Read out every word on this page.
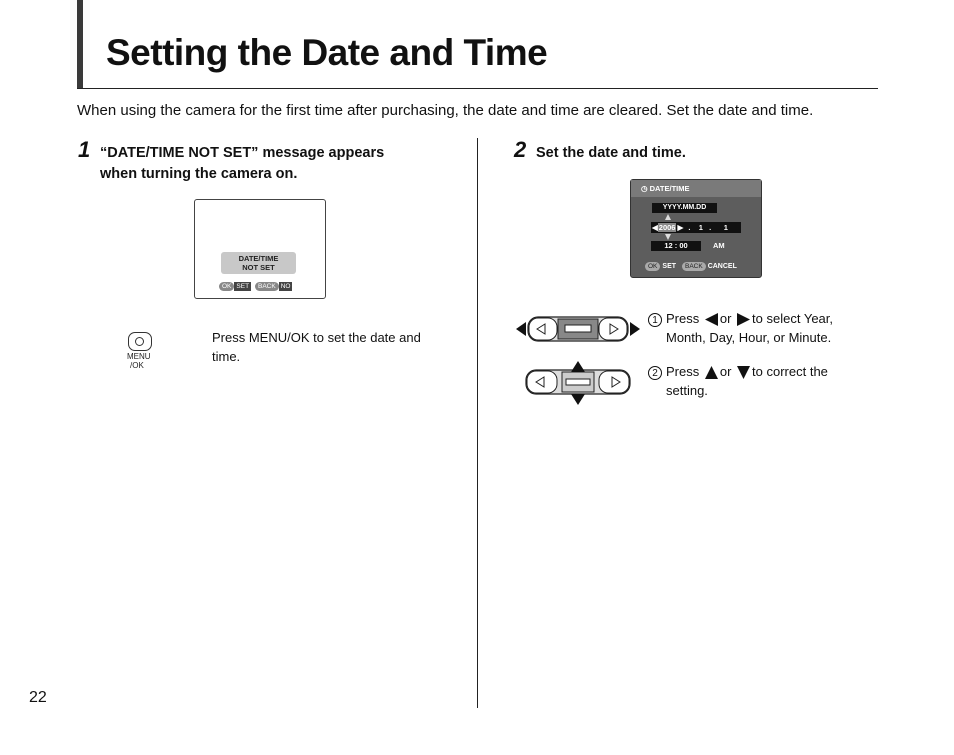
Setting the Date and Time
When using the camera for the first time after purchasing, the date and time are cleared. Set the date and time.
1 “DATE/TIME NOT SET” message appears
when turning the camera on.
DATE/TIME
NOT SET
OK SET BACK NO
MENU
/OK
Press MENU/OK to set the date and
time.
2 Set the date and time.
◷ DATE/TIME
YYYY.MM.DD
◀2006 ▶ .    1   .      1
12 : 00	AM
OK SET BACK CANCEL
1 Press or to select Year,
Month, Day, Hour, or Minute.
2 Press or to correct the
setting.
22
